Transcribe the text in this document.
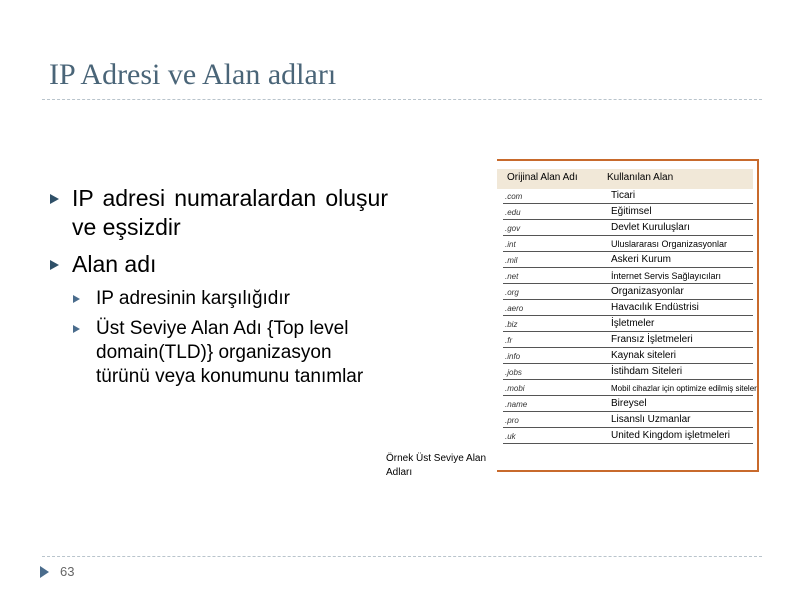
IP Adresi ve Alan adları
IP adresi numaralardan oluşur ve eşsizdir
Alan adı
IP adresinin karşılığıdır
Üst Seviye Alan Adı {Top level domain(TLD)} organizasyon türünü veya konumunu tanımlar
Orijinal Alan Adı	Kullanılan Alan
.com	Ticari
.edu	Eğitimsel
.gov	Devlet Kuruluşları
.int	Uluslararası Organizasyonlar
.mil	Askeri Kurum
.net	İnternet Servis Sağlayıcıları
.org	Organizasyonlar
.aero	Havacılık Endüstrisi
.biz	İşletmeler
.fr	Fransız İşletmeleri
.info	Kaynak siteleri
.jobs	İstihdam Siteleri
.mobi	Mobil cihazlar için optimize edilmiş siteler
.name	Bireysel
.pro	Lisanslı Uzmanlar
.uk	United Kingdom işletmeleri
Örnek Üst Seviye Alan Adları
63
